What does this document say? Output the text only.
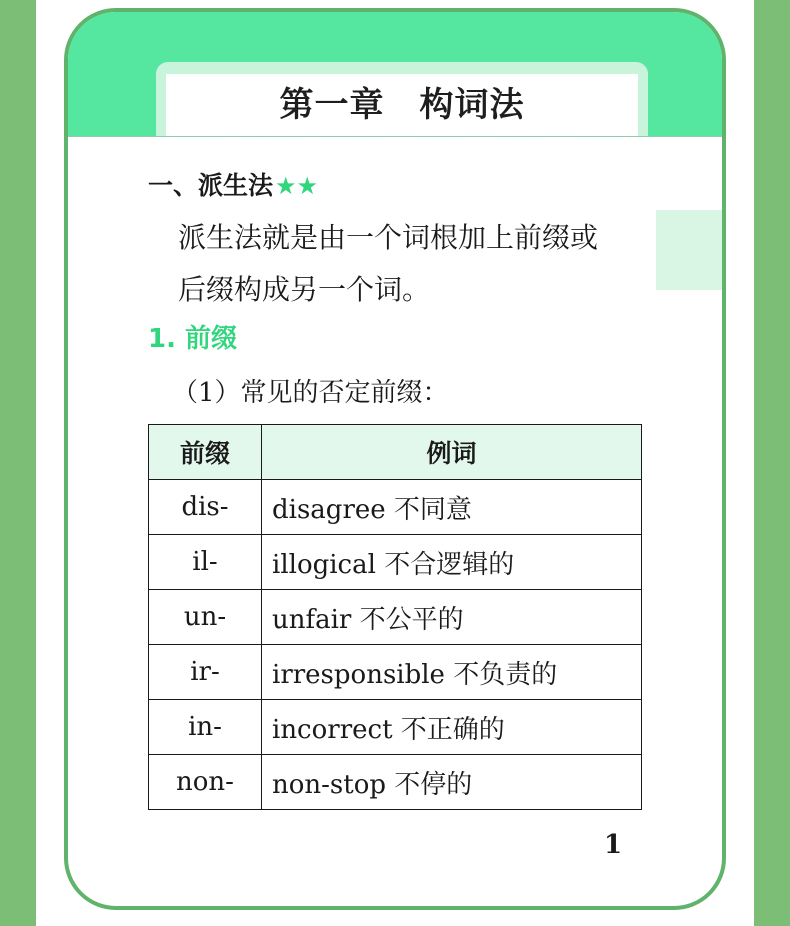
第一章　构词法
一、派生法★★
派生法就是由一个词根加上前缀或
后缀构成另一个词。
1. 前缀
（1）常见的否定前缀：
前缀	例词
dis-	disagree 不同意
il-	illogical 不合逻辑的
un-	unfair 不公平的
ir-	irresponsible 不负责的
in-	incorrect 不正确的
non-	non-stop 不停的
1
